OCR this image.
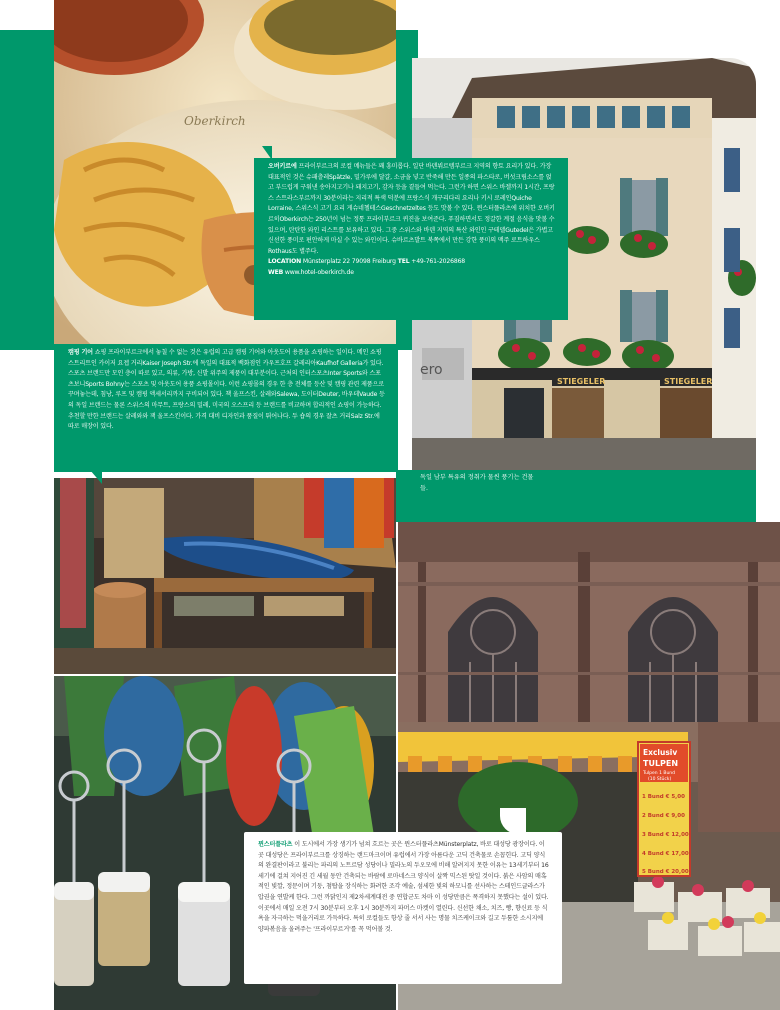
Oberkirch
STIEGELER	STIEGELER
ero
Exclusiv
TULPEN
Tulpen 1 Bund
(10 Stück)
1 Bund € 5,00
2 Bund € 9,00
3 Bund € 12,00
4 Bund € 17,00
5 Bund € 20,00
오버키르에 프라이부르크의 로컬 메뉴들은 꽤 흥미롭다. 일단 바덴뷔르템부르크 지역의 향토 요리가 있다. 가장 대표적인 것은 슈패츨레Spätzle, 밀가루에 달걀, 소금을 넣고 반죽해 만든 일종의 파스타로, 버섯크림소스를 얹고 부드럽게 구워낸 송아지고기나 돼지고기, 감자 등을 곁들여 먹는다. 그런가 하면 스위스 바젤까지 1시간, 프랑스 스트라스부르까지 30분이라는 지리적 특색 덕분에 프랑스식 개구리다리 요리나 키시 로레인Quiche Lorraine, 스위스식 고기 요리 게슈네첼테스Geschnetzeltes 등도 맛볼 수 있다. 뮌스터플라츠에 위치한 오버키르히Oberkirch는 250년이 넘는 정통 프라이부르크 퀴진을 보여준다. 푸짐하면서도 정갈한 계절 음식을 맛볼 수 있으며, 탄탄한 와인 리스트를 보유하고 있다. 그중 스위스와 바덴 지역의 특산 와인인 구테델Gutedel은 가볍고 신선한 풍미로 편안하게 마실 수 있는 와인이다. 슈바르츠발트 북쪽에서 만든 강한 풍미의 맥주 로트하우스Rothaus도 별주다.
LOCATION Münsterplatz 22 79098 Freiburg TEL +49-761-2026868
WEB www.hotel-oberkirch.de
캠핑 기어 쇼핑 프라이부르크에서 놓칠 수 없는 것은 유럽의 고급 캠핑 기어와 아웃도어 용품을 쇼핑하는 일이다. 메인 쇼핑 스트리트인 카이저 요젭 거리Kaiser Joseph Str.에 독일의 대표적 백화점인 카우프호프 갈레리아Kaufhof Galleria가 있다. 스포츠 브랜드만 모인 층이 따로 있고, 의류, 가방, 신발 위주의 제품이 대부분이다. 근처의 인터스포츠Inter Sports와 스포츠보니Sports Bohny는 스포츠 및 아웃도어 용품 쇼핑몰이다. 이런 쇼핑몰의 경우 한 층 전체를 등산 및 캠핑 관련 제품으로 꾸며놓는데, 침낭, 루프 및 캠핑 액세서리까지 구비되어 있다. 책 울프스킨, 살레와Salewa, 도이터Deuter, 바우데Vaude 등의 독일 브랜드는 물론 스위스의 마무트, 프랑스의 밀레, 미국의 오스프리 등 브랜드를 비교하며 합리적인 쇼핑이 가능하다. 추천할 만한 브랜드는 살레와와 잭 울프스킨이다. 가격 대비 디자인과 품질이 뛰어나다. 두 숍의 경우 잘츠 거리Salz Str.에 따로 매장이 있다.
독일 남부 특유의 정취가 물씬 풍기는 건물들.
뮌스터플라츠 이 도시에서 가장 생기가 넘쳐 흐르는 곳은 뮌스터플라츠Münsterplatz, 바로 대성당 광장이다. 이곳 대성당은 프라이부르크를 상징하는 랜드마크이며 유럽에서 가장 아름다운 고딕 건축물로 손꼽힌다. 고딕 양식의 완결판이라고 불리는 파리의 노트르담 성당이나 밀라노의 두오모에 비해 알려지지 못한 이유는 13세기부터 16세기에 걸쳐 지어진 긴 세월 동안 건축되는 바람에 로마네스크 양식이 살짝 믹스된 탓일 것이다. 붉은 사암의 매혹적인 빛깔, 정문이며 기둥, 첨탑을 장식하는 화려한 조각 예술, 섬세한 빛의 하모니를 선사하는 스테인드글라스가 압권을 연발케 한다. 그런 까닭인지 제2차세계대전 중 연합군도 차마 이 성당만큼은 폭격하지 못했다는 설이 있다. 이곳에서 매일 오전 7시 30분부터 오후 1시 30분까지 파머스 마켓이 열린다. 신선한 채소, 치즈, 빵, 향신료 등 식욕을 자극하는 먹을거리로 가득하다. 특히 로컬들도 항상 줄 서서 사는 명물 치즈케이크와 길고 두툼한 소시지에 양파볶음을 올려주는 '프라이부르거'를 꼭 먹어볼 것.
